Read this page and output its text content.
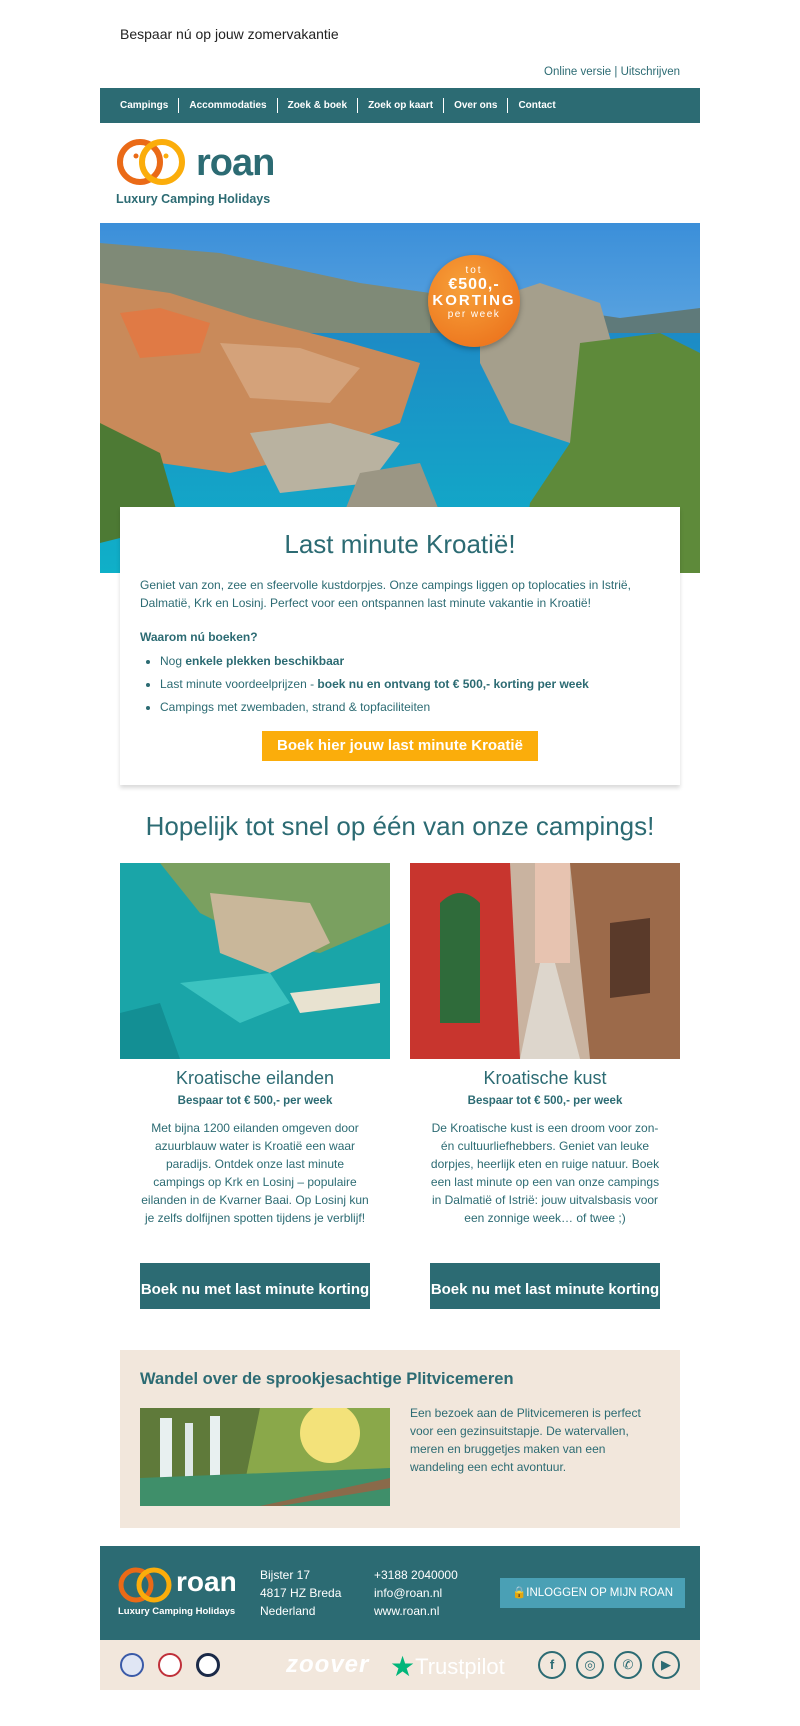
Bespaar nú op jouw zomervakantie
Online versie | Uitschrijven
Campings	Accommodaties	Zoek & boek	Zoek op kaart	Over ons	Contact
roan
Luxury Camping Holidays
tot
€500,-
KORTING
per week
Last minute Kroatië!

Geniet van zon, zee en sfeervolle kustdorpjes. Onze campings liggen op toplocaties in Istrië, Dalmatië, Krk en Losinj. Perfect voor een ontspannen last minute vakantie in Kroatië!

Waarom nú boeken?
• Nog enkele plekken beschikbaar
• Last minute voordeelprijzen - boek nu en ontvang tot € 500,- korting per week
• Campings met zwembaden, strand & topfaciliteiten
Boek hier jouw last minute Kroatië
Hopelijk tot snel op één van onze campings!
Kroatische eilanden
Bespaar tot € 500,- per week
Met bijna 1200 eilanden omgeven door azuurblauw water is Kroatië een waar paradijs. Ontdek onze last minute campings op Krk en Losinj – populaire eilanden in de Kvarner Baai. Op Losinj kun je zelfs dolfijnen spotten tijdens je verblijf!
Boek nu met last minute korting
Kroatische kust
Bespaar tot € 500,- per week
De Kroatische kust is een droom voor zon- én cultuurliefhebbers. Geniet van leuke dorpjes, heerlijk eten en ruige natuur. Boek een last minute op een van onze campings in Dalmatië of Istrië: jouw uitvalsbasis voor een zonnige week… of twee ;)
Boek nu met last minute korting
Wandel over de sprookjesachtige Plitvicemeren

Een bezoek aan de Plitvicemeren is perfect voor een gezinsuitstapje. De watervallen, meren en bruggetjes maken van een wandeling een echt avontuur.

roan
Luxury Camping Holidays
Bijster 17
4817 HZ Breda
Nederland
+3188 2040000
info@roan.nl
www.roan.nl
🔒INLOGGEN OP MIJN ROAN
zoover ★Trustpilot	f	◎	✆	▶
